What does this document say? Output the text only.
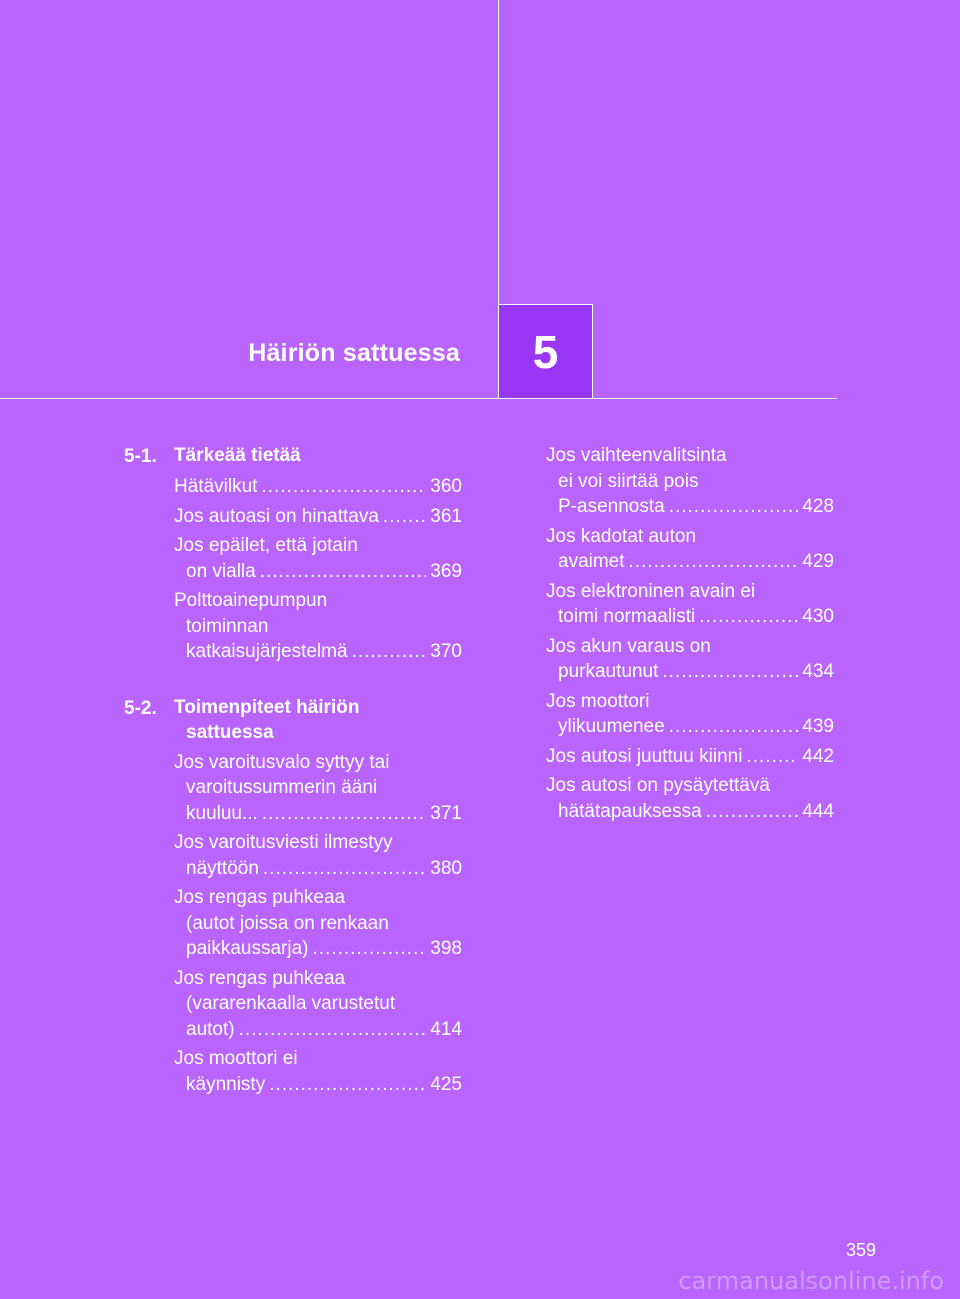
Häiriön sattuessa 5
5-1. Tärkeää tietää
Hätävilkut .....	360
Jos autoasi on hinattava .....	361
Jos epäilet, että jotain
on vialla .....	369
Polttoainepumpun
toiminnan
katkaisujärjestelmä .....	370
5-2. Toimenpiteet häiriön
sattuessa
Jos varoitusvalo syttyy tai
varoitussummerin ääni
kuuluu... .....	371
Jos varoitusviesti ilmestyy
näyttöön .....	380
Jos rengas puhkeaa
(autot joissa on renkaan
paikkaussarja) .....	398
Jos rengas puhkeaa
(vararenkaalla varustetut
autot) .....	414
Jos moottori ei
käynnisty .....	425
Jos vaihteenvalitsinta
ei voi siirtää pois
P-asennosta .....	428
Jos kadotat auton
avaimet .....	429
Jos elektroninen avain ei
toimi normaalisti .....	430
Jos akun varaus on
purkautunut .....	434
Jos moottori
ylikuumenee .....	439
Jos autosi juuttuu kiinni .....	442
Jos autosi on pysäytettävä
hätätapauksessa .....	444
359
carmanualsonline.info
